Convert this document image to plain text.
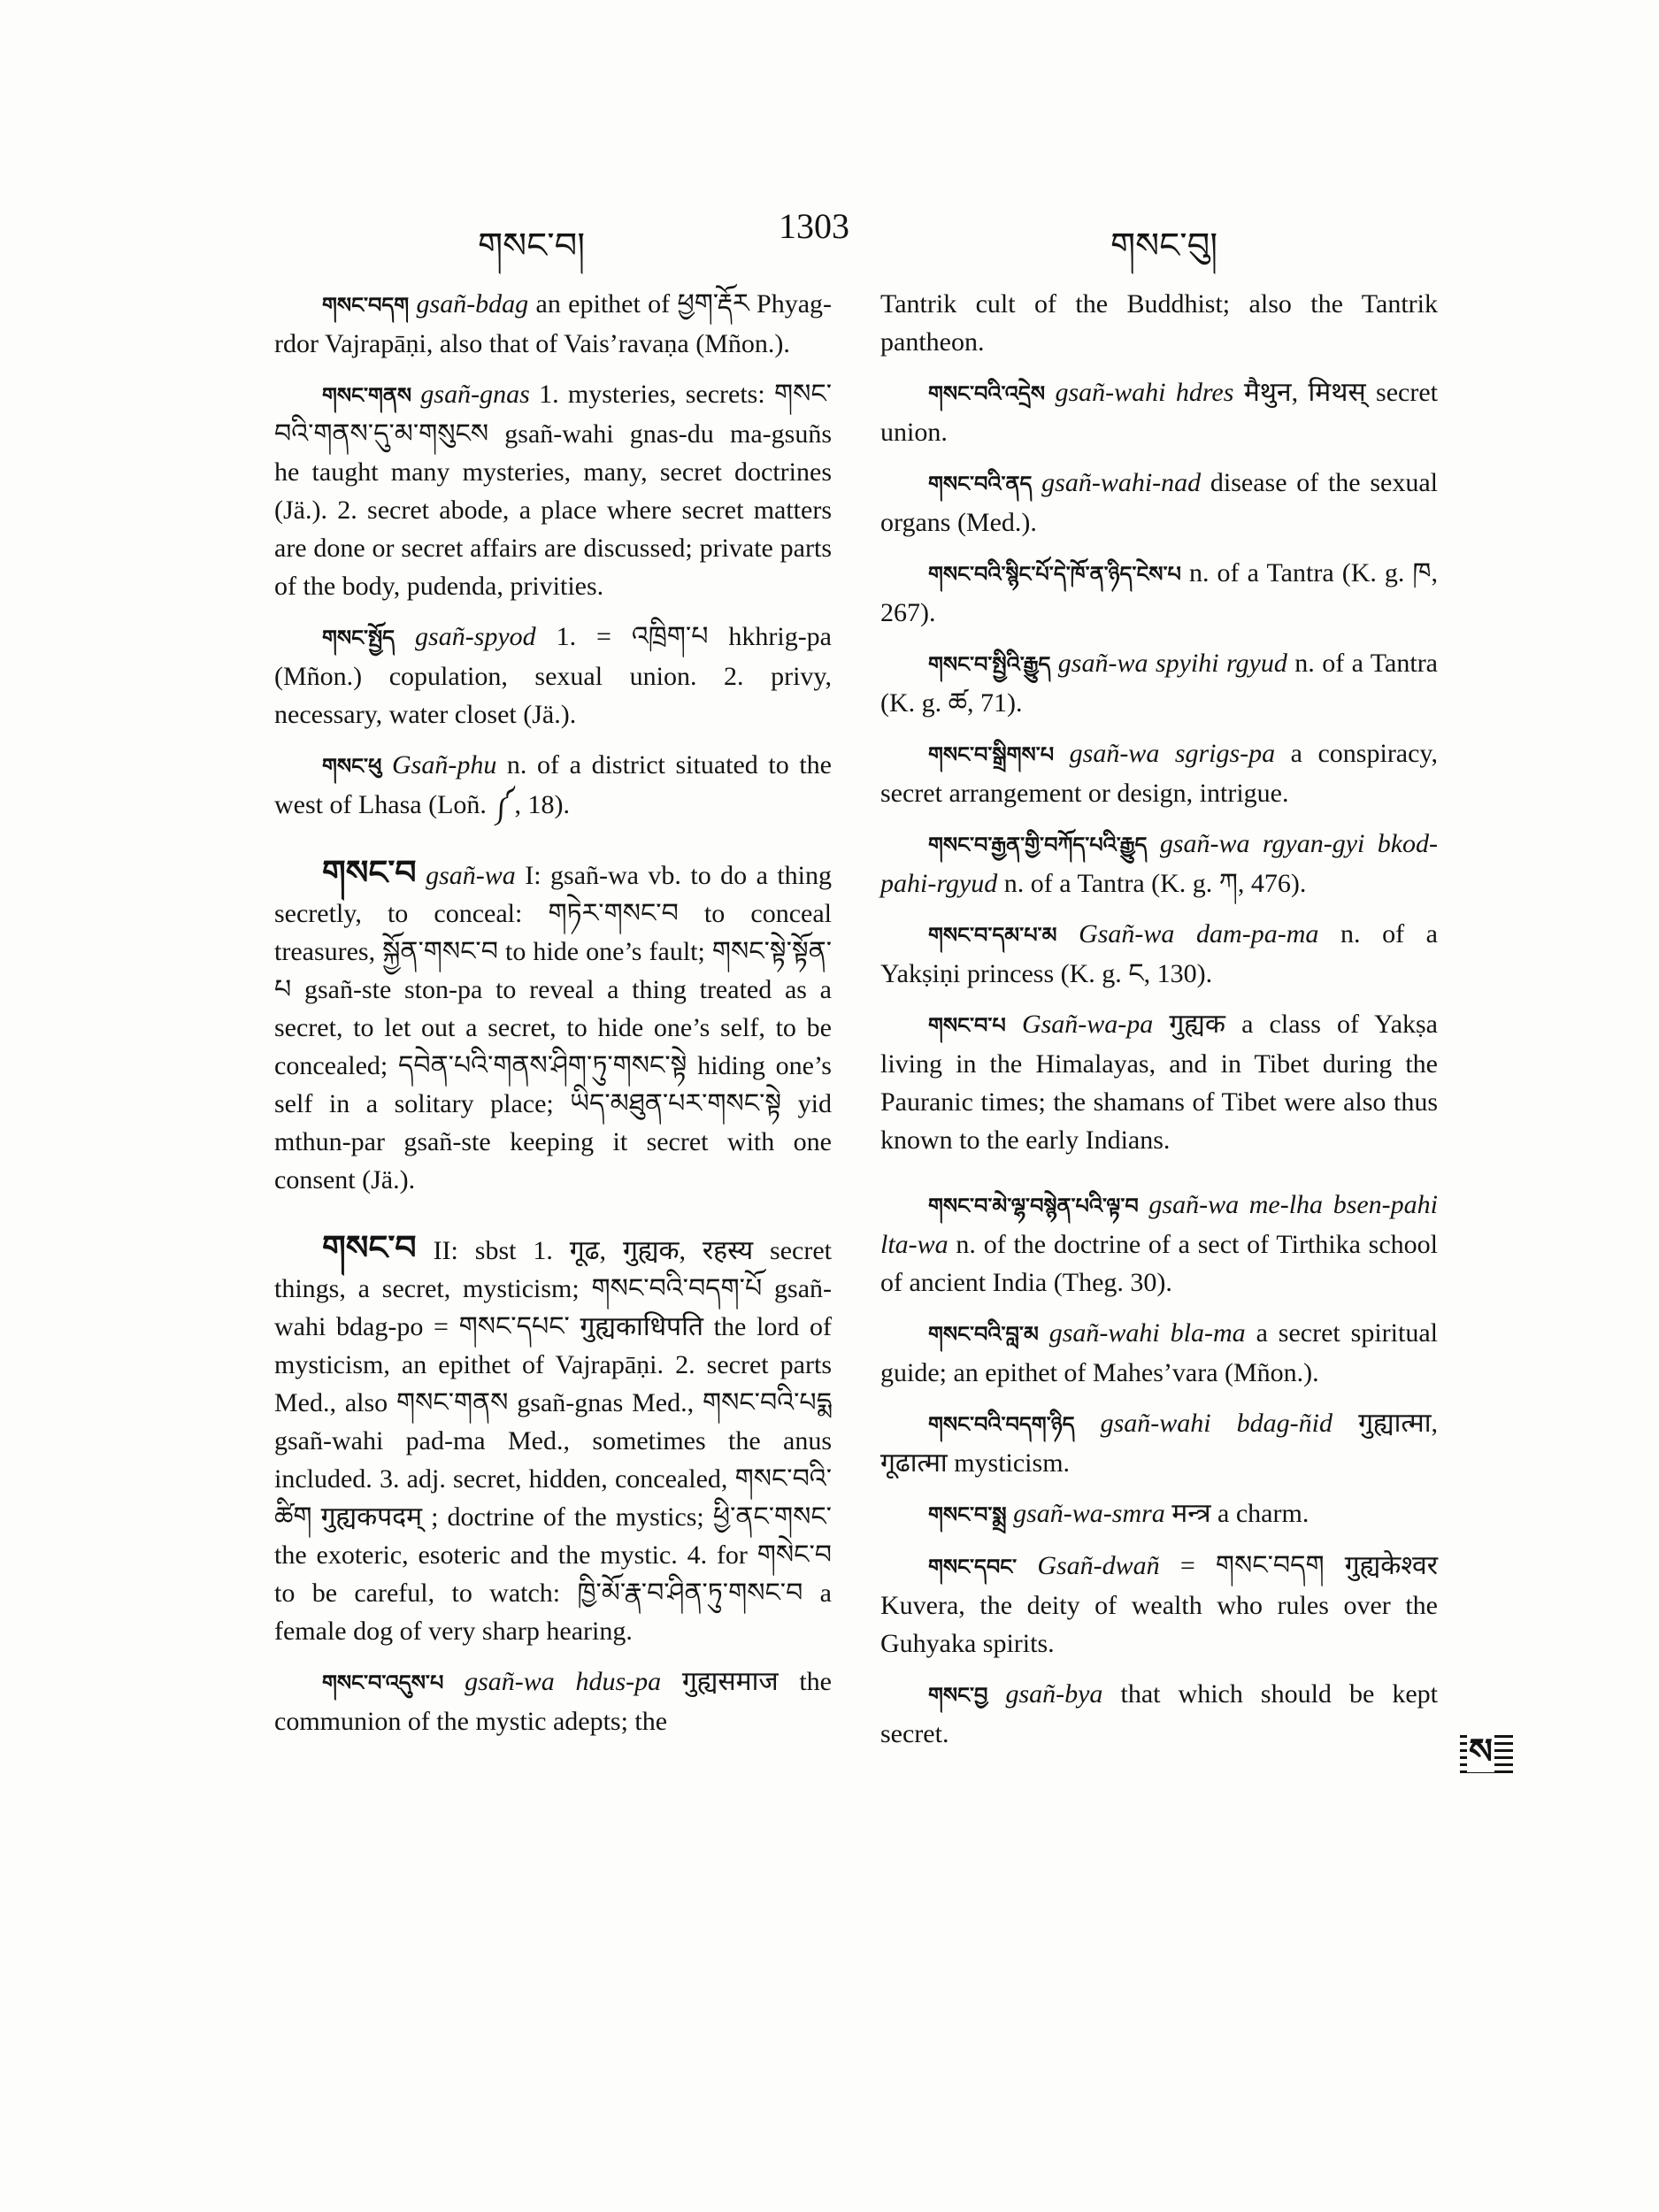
གསང་བ།	1303	གསང་བུ།

གསང་བདག gsañ-bdag an epithet of ཕྱག་རྡོར Phyag-rdor Vajrapāṇi, also that of Vais’ravaṇa (Mñon.).

གསང་གནས gsañ-gnas 1. mysteries, secrets: གསང་བའི་གནས་དུ་མ་གསུངས gsañ-wahi gnas-du ma-gsuñs he taught many mysteries, many, secret doctrines (Jä.). 2. secret abode, a place where secret matters are done or secret affairs are discussed; private parts of the body, pudenda, privities.

གསང་སྤྱོད gsañ-spyod 1. = འཁྲིག་པ hkhrig-pa (Mñon.) copulation, sexual union. 2. privy, necessary, water closet (Jä.).

གསང་ཕུ Gsañ-phu n. of a district situated to the west of Lhasa (Loñ. ༼, 18).

གསང་བ gsañ-wa I: gsañ-wa vb. to do a thing secretly, to conceal: གཏེར་གསང་བ to conceal treasures, སྐྱོན་གསང་བ to hide one’s fault; གསང་སྟེ་སྟོན་པ gsañ-ste ston-pa to reveal a thing treated as a secret, to let out a secret, to hide one’s self, to be concealed; དབེན་པའི་གནས་ཤིག་ཏུ་གསང་སྟེ hiding one’s self in a solitary place; ཡིད་མཐུན་པར་གསང་སྟེ yid mthun-par gsañ-ste keeping it secret with one consent (Jä.).

གསང་བ II: sbst 1. गूढ, गुह्यक, रहस्य secret things, a secret, mysticism; གསང་བའི་བདག་པོ gsañ-wahi bdag-po = གསང་དཔང་ गुह्यकाधिपति the lord of mysticism, an epithet of Vajrapāṇi. 2. secret parts Med., also གསང་གནས gsañ-gnas Med., གསང་བའི་པདྨ gsañ-wahi pad-ma Med., sometimes the anus included. 3. adj. secret, hidden, concealed, གསང་བའི་ཚིག गुह्यकपदम् ; doctrine of the mystics; ཕྱི་ནང་གསང་ the exoteric, esoteric and the mystic. 4. for གསེང་བ to be careful, to watch: ཁྱི་མོ་རྣ་བ་ཤིན་ཏུ་གསང་བ a female dog of very sharp hearing.

གསང་བ་འདུས་པ gsañ-wa hdus-pa गुह्यसमाज the communion of the mystic adepts; the

Tantrik cult of the Buddhist; also the Tantrik pantheon.

གསང་བའི་འདྲེས gsañ-wahi hdres मैथुन, मिथस् secret union.

གསང་བའི་ནད gsañ-wahi-nad disease of the sexual organs (Med.).

གསང་བའི་སྙིང་པོ་དེ་ཁོ་ན་ཉིད་ངེས་པ n. of a Tantra (K. g. ཁ, 267).

གསང་བ་སྤྱིའི་རྒྱུད gsañ-wa spyihi rgyud n. of a Tantra (K. g. ཚ, 71).

གསང་བ་སྒྲིགས་པ gsañ-wa sgrigs-pa a conspiracy, secret arrangement or design, intrigue.

གསང་བ་རྒྱན་གྱི་བཀོད་པའི་རྒྱུད gsañ-wa rgyan-gyi bkod-pahi-rgyud n. of a Tantra (K. g. ཀ, 476).

གསང་བ་དམ་པ་མ Gsañ-wa dam-pa-ma n. of a Yakṣiṇi princess (K. g. ང, 130).

གསང་བ་པ Gsañ-wa-pa गुह्यक a class of Yakṣa living in the Himalayas, and in Tibet during the Pauranic times; the shamans of Tibet were also thus known to the early Indians.

གསང་བ་མེ་ལྷ་བསྙེན་པའི་ལྟ་བ gsañ-wa me-lha bsen-pahi lta-wa n. of the doctrine of a sect of Tirthika school of ancient India (Theg. 30).

གསང་བའི་བླ་མ gsañ-wahi bla-ma a secret spiritual guide; an epithet of Mahes’vara (Mñon.).

གསང་བའི་བདག་ཉིད gsañ-wahi bdag-ñid गुह्यात्मा, गूढात्मा mysticism.

གསང་བ་སྨྲ gsañ-wa-smra मन्त्र a charm.

གསང་དབང་ Gsañ-dwañ = གསང་བདག गुह्यकेश्वर Kuvera, the deity of wealth who rules over the Guhyaka spirits.

གསང་བྱ gsañ-bya that which should be kept secret.	ས
